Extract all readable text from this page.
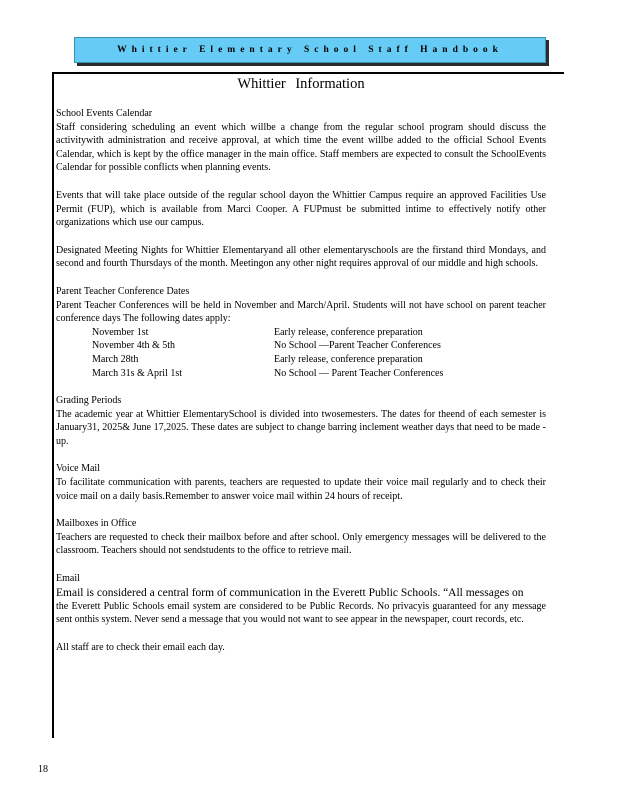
Whittier Elementary School Staff Handbook
Whittier Information
School Events Calendar

Staff considering scheduling an event which willbe a change from the regular school program should discuss the activitywith administration and receive approval, at which time the event willbe added to the official School Events Calendar, which is kept by the office manager in the main office. Staff members are expected to consult the SchoolEvents Calendar for possible conflicts when planning events.

Events that will take place outside of the regular school dayon the Whittier Campus require an approved Facilities Use Permit (FUP), which is available from Marci Cooper. A FUPmust be submitted intime to effectively notify other organizations which use our campus.

Designated Meeting Nights for Whittier Elementaryand all other elementaryschools are the firstand third Mondays, and second and fourth Thursdays of the month. Meetingon any other night requires approval of our middle and high schools.

Parent Teacher Conference Dates

Parent Teacher Conferences will be held in November and March/April. Students will not have school on parent teacher conference days The following dates apply:

November 1st	Early release, conference preparation
November 4th & 5th	No School —Parent Teacher Conferences
March 28th	Early release, conference preparation
March 31s & April 1st	No School — Parent Teacher Conferences
Grading Periods

The academic year at Whittier ElementarySchool is divided into twosemesters. The dates for theend of each semester is January31, 2025& June 17,2025. These dates are subject to change barring inclement weather days that need to be made - up.

Voice Mail

To facilitate communication with parents, teachers are requested to update their voice mail regularly and to check their voice mail on a daily basis.Remember to answer voice mail within 24 hours of receipt.

Mailboxes in Office

Teachers are requested to check their mailbox before and after school. Only emergency messages will be delivered to the classroom. Teachers should not sendstudents to the office to retrieve mail.

Email
Email is considered a central form of communication in the Everett Public Schools. “All messages on

the Everett Public Schools email system are considered to be Public Records. No privacyis guaranteed for any message sent onthis system. Never send a message that you would not want to see appear in the newspaper, court records, etc.

All staff are to check their email each day.

18
